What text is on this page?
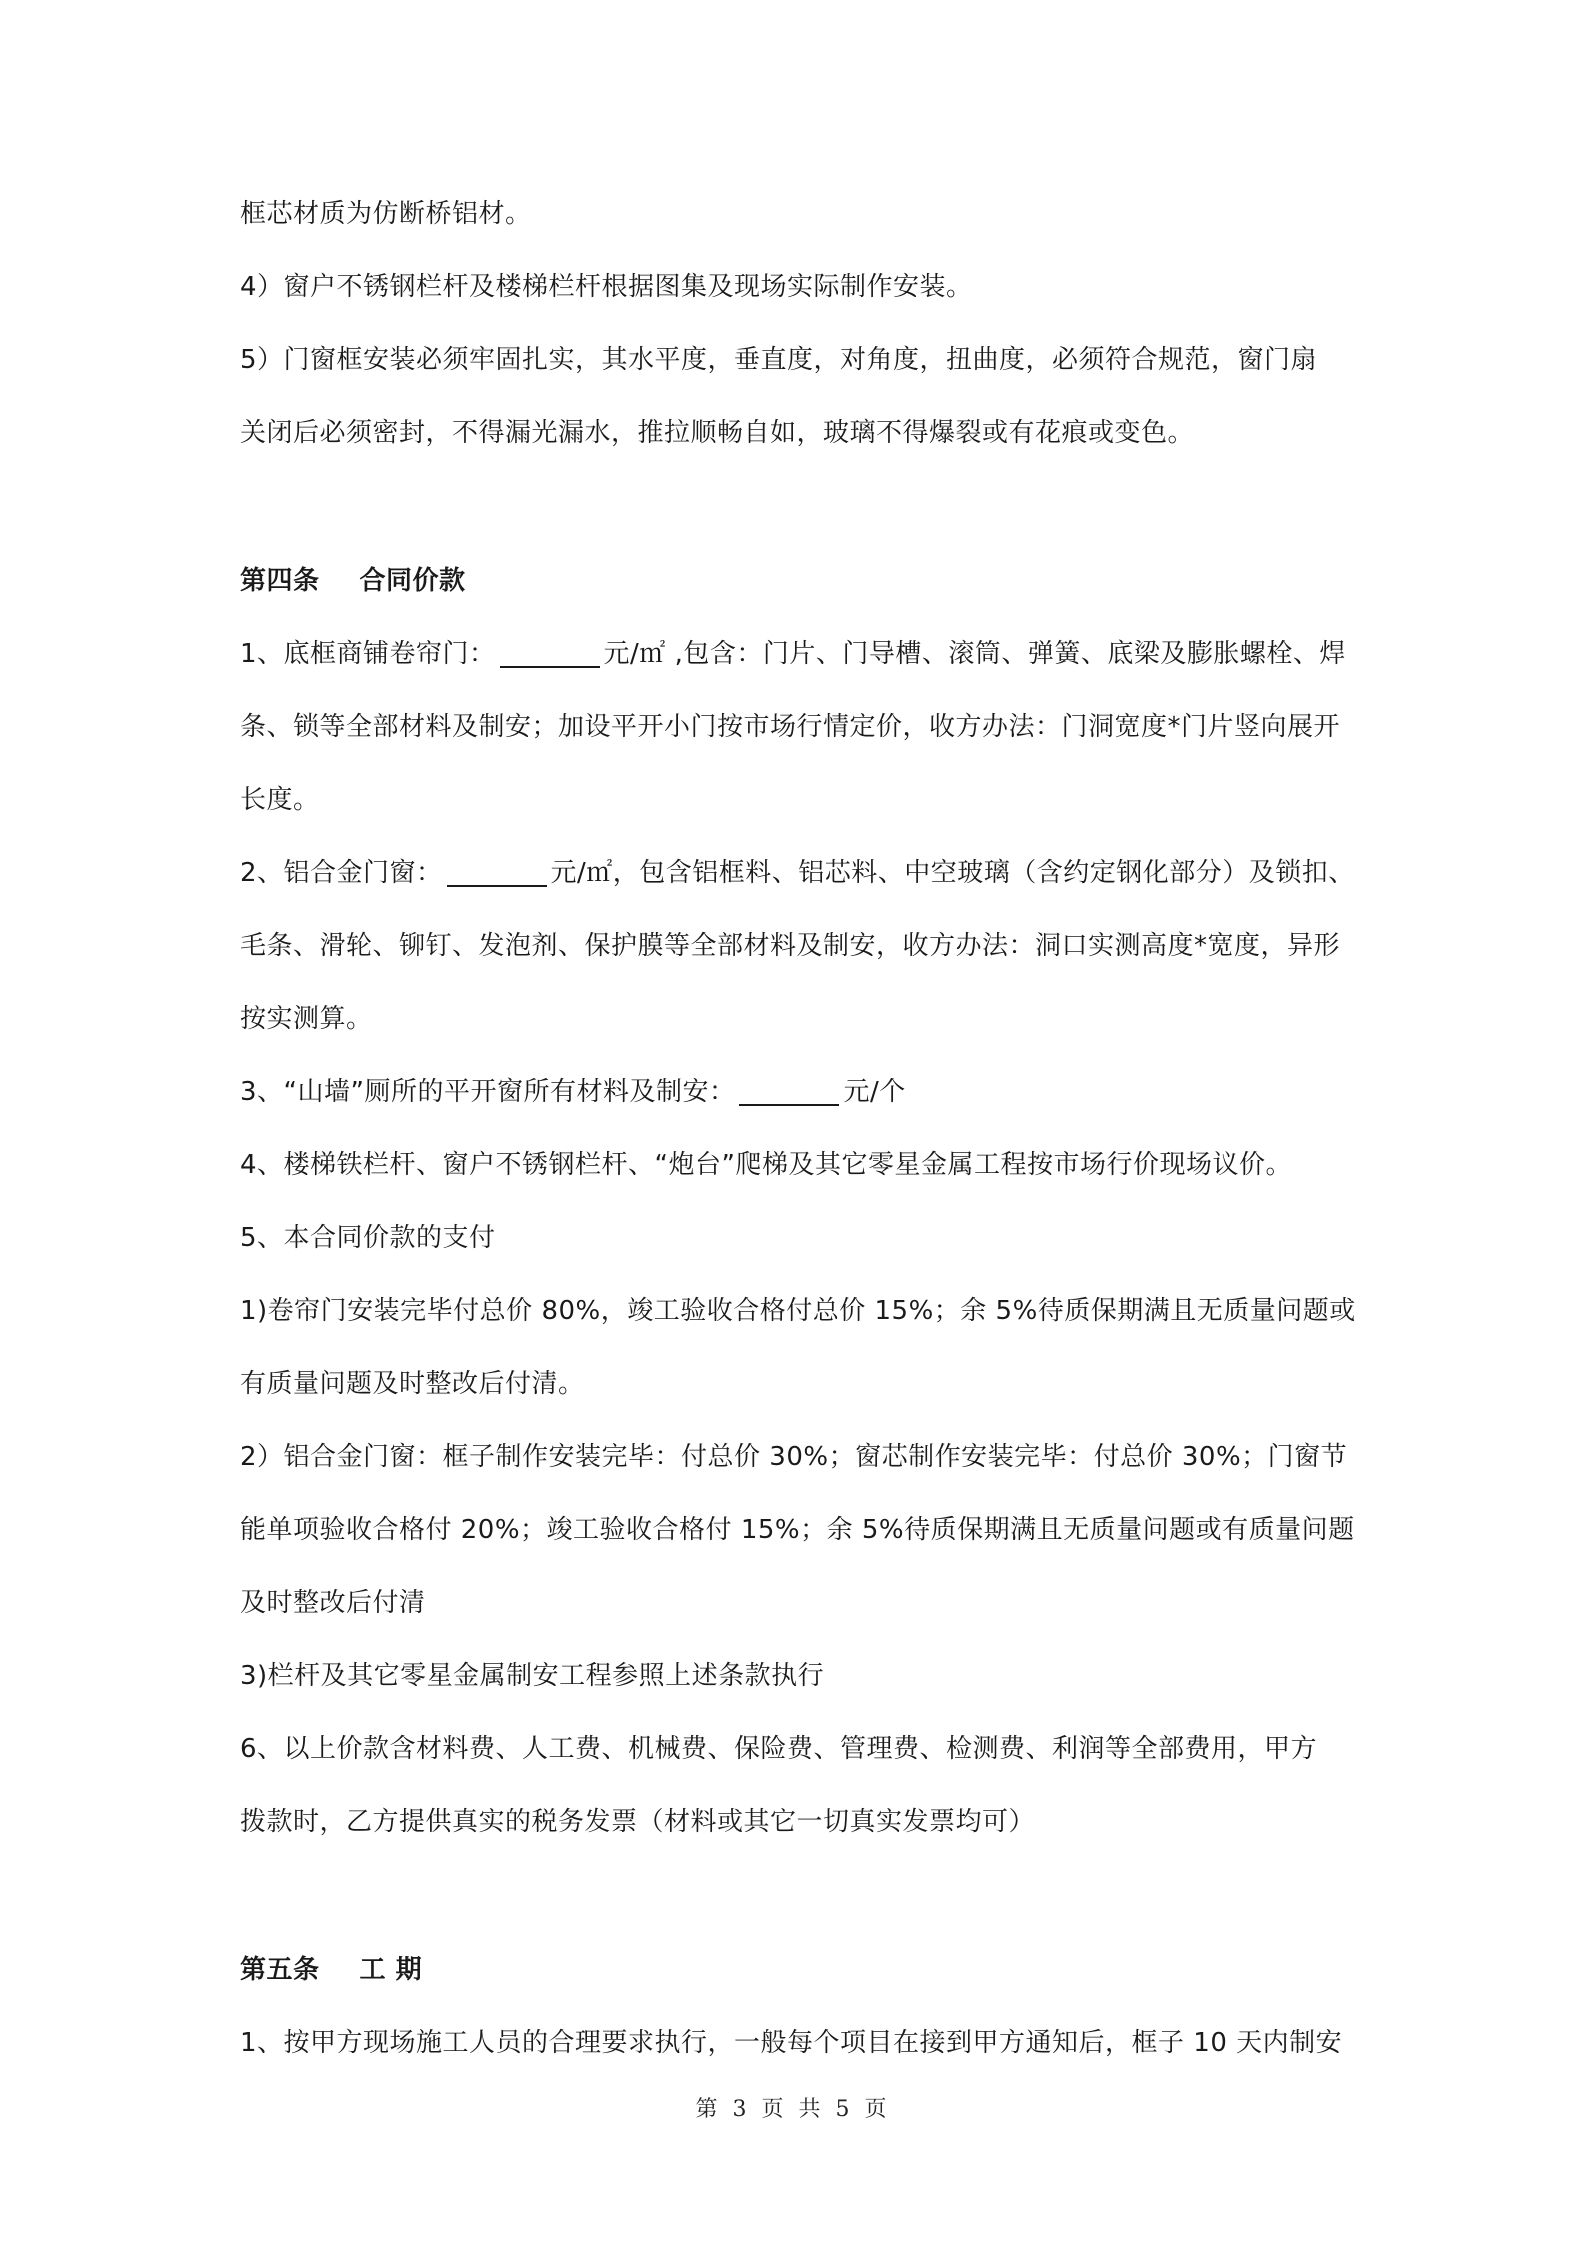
框芯材质为仿断桥铝材。
4）窗户不锈钢栏杆及楼梯栏杆根据图集及现场实际制作安装。
5）门窗框安装必须牢固扎实，其水平度，垂直度，对角度，扭曲度，必须符合规范，窗门扇
关闭后必须密封，不得漏光漏水，推拉顺畅自如，玻璃不得爆裂或有花痕或变色。
第四条 合同价款
1、底框商铺卷帘门：	元/㎡ ,包含：门片、门导槽、滚筒、弹簧、底梁及膨胀螺栓、焊
条、锁等全部材料及制安；加设平开小门按市场行情定价，收方办法：门洞宽度*门片竖向展开
长度。
2、铝合金门窗：	元/㎡，包含铝框料、铝芯料、中空玻璃（含约定钢化部分）及锁扣、
毛条、滑轮、铆钉、发泡剂、保护膜等全部材料及制安，收方办法：洞口实测高度*宽度，异形
按实测算。
3、“山墙”厕所的平开窗所有材料及制安：	元/个
4、楼梯铁栏杆、窗户不锈钢栏杆、“炮台”爬梯及其它零星金属工程按市场行价现场议价。
5、本合同价款的支付
1)卷帘门安装完毕付总价 80%，竣工验收合格付总价 15%；余 5%待质保期满且无质量问题或
有质量问题及时整改后付清。
2）铝合金门窗：框子制作安装完毕：付总价 30%；窗芯制作安装完毕：付总价 30%；门窗节
能单项验收合格付 20%；竣工验收合格付 15%；余 5%待质保期满且无质量问题或有质量问题
及时整改后付清
3)栏杆及其它零星金属制安工程参照上述条款执行
6、以上价款含材料费、人工费、机械费、保险费、管理费、检测费、利润等全部费用，甲方
拨款时，乙方提供真实的税务发票（材料或其它一切真实发票均可）
第五条 工 期
1、按甲方现场施工人员的合理要求执行，一般每个项目在接到甲方通知后，框子 10 天内制安
第 3 页 共 5 页
